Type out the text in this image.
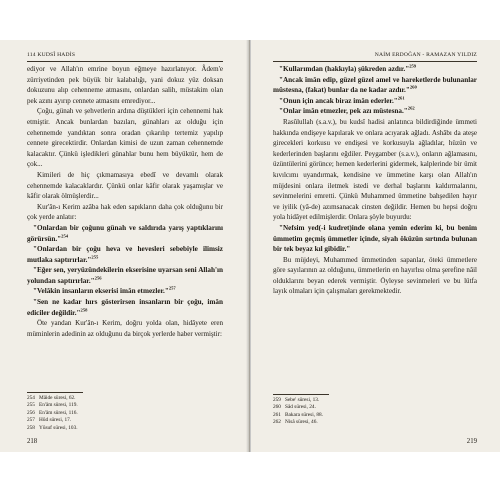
114 KUDSÎ HADİS

ediyor ve Allah'ın emrine boyun eğmeye hazırlanıyor. Âdem'e zürriyetinden pek büyük bir kalabalığı, yani dokuz yüz doksan dokuzunu alıp cehenneme atmasını, onlardan salih, müstakim olan pek azını ayırıp cennete atmasını emrediyor...

Çoğu, günah ve şehvetlerin ardına düştükleri için cehennemi hak etmiştir. Ancak bunlardan bazıları, günahları az olduğu için cehennemde yandıktan sonra oradan çıkarılıp tertemiz yapılıp cennete girecektirdir. Onlardan kimisi de uzun zaman cehennemde kalacaktır. Çünkü işledikleri günahlar bunu hem büyüktür, hem de çok...

Kimileri de hiç çıkmamasıya ebedî ve devamlı olarak cehennemde kalacaklardır. Çünkü onlar kâfir olarak yaşamışlar ve kâfir olarak ölmüşlerdir...

Kur'ân-ı Kerim azâba hak eden sapıkların daha çok olduğunu bir çok yerde anlatır:

"Onlardan bir çoğunu günah ve saldırıda yarış yaptıklarını görürsün."$^{254}$

"Onlardan bir çoğu heva ve hevesleri sebebiyle ilimsiz mutlaka saptırırlar."$^{255}$

"Eğer sen, yeryüzündekilerin ekserisine uyarsan seni Allah'ın yolundan saptırırlar."$^{256}$

"Velâkin insanların ekserisi imân etmezler."$^{257}$

"Sen ne kadar hırs gösterirsen insanların bir çoğu, imân ediciler değildir."$^{258}$

Öte yandan Kur'ân-ı Kerim, doğru yolda olan, hidâyete eren müminlerin adedinin az olduğunu da birçok yerlerde haber vermiştir:

254 Mâide süresi, 62.
255 En'âm süresi, 119.
256 En'âm süresi, 116.
257 Hûd süresi, 17.
258 Yûsuf süresi, 103.
218
NAİM ERDOĞAN - RAMAZAN YILDIZ

"Kullarımdan (hakkıyla) şükreden azdır."$^{259}$

"Ancak îmân edip, güzel güzel amel ve hareketlerde bulunanlar müstesna, (fakat) bunlar da ne kadar azdır."$^{260}$

"Onun için ancak biraz imân ederler."$^{261}$

"Onlar imân etmezler, pek azı müstesna."$^{262}$

Rasûlullah (s.a.v.), bu kudsî hadisi anlatınca bildirdiğinde ümmeti hakkında endişeye kapılarak ve onlara acıyarak ağladı. Ashâbı da ateşe girecekleri korkusu ve endişesi ve korkusuyla ağladılar, hüzün ve kederlerinden başlarını eğdiler. Peygamber (s.a.v.), onların ağlamasını, üzüntülerini görünce; hemen kederlerini gidermek, kalplerinde bir ümit kıvılcımı uyandırmak, kendisine ve ümmetine karşı olan Allah'ın müjdesini onlara iletmek istedi ve derhal başlarını kaldırmalarını, sevinmelerini emretti. Çünkü Muhammed ümmetine bahşedilen hayır ve iyilik (yâ-de) azımsanacak cinsten değildir. Hemen bu hepsi doğru yola hidâyet edilmişlerdir. Onlara şöyle buyurdu:

"Nefsim yed(-i kudret)inde olana yemin ederim ki, bu benim ümmetim geçmiş ümmetler içinde, siyah öküzün sırtında bulunan bir tek beyaz kıl gibidir."

Bu müjdeyi, Muhammed ümmetinden sapanlar, öteki ümmetlere göre sayılarının az olduğunu, ümmetlerin en hayırlısı olma şerefine nâil olduklarını beyan ederek vermiştir. Öyleyse sevinmeleri ve bu lütfa layık olmaları için çalışmaları gerekmektedir.

259 Sebe' süresi, 13.
260 Sâd süresi, 24.
261 Bakara süresi, 88.
262 Nisâ süresi, 46.
219
